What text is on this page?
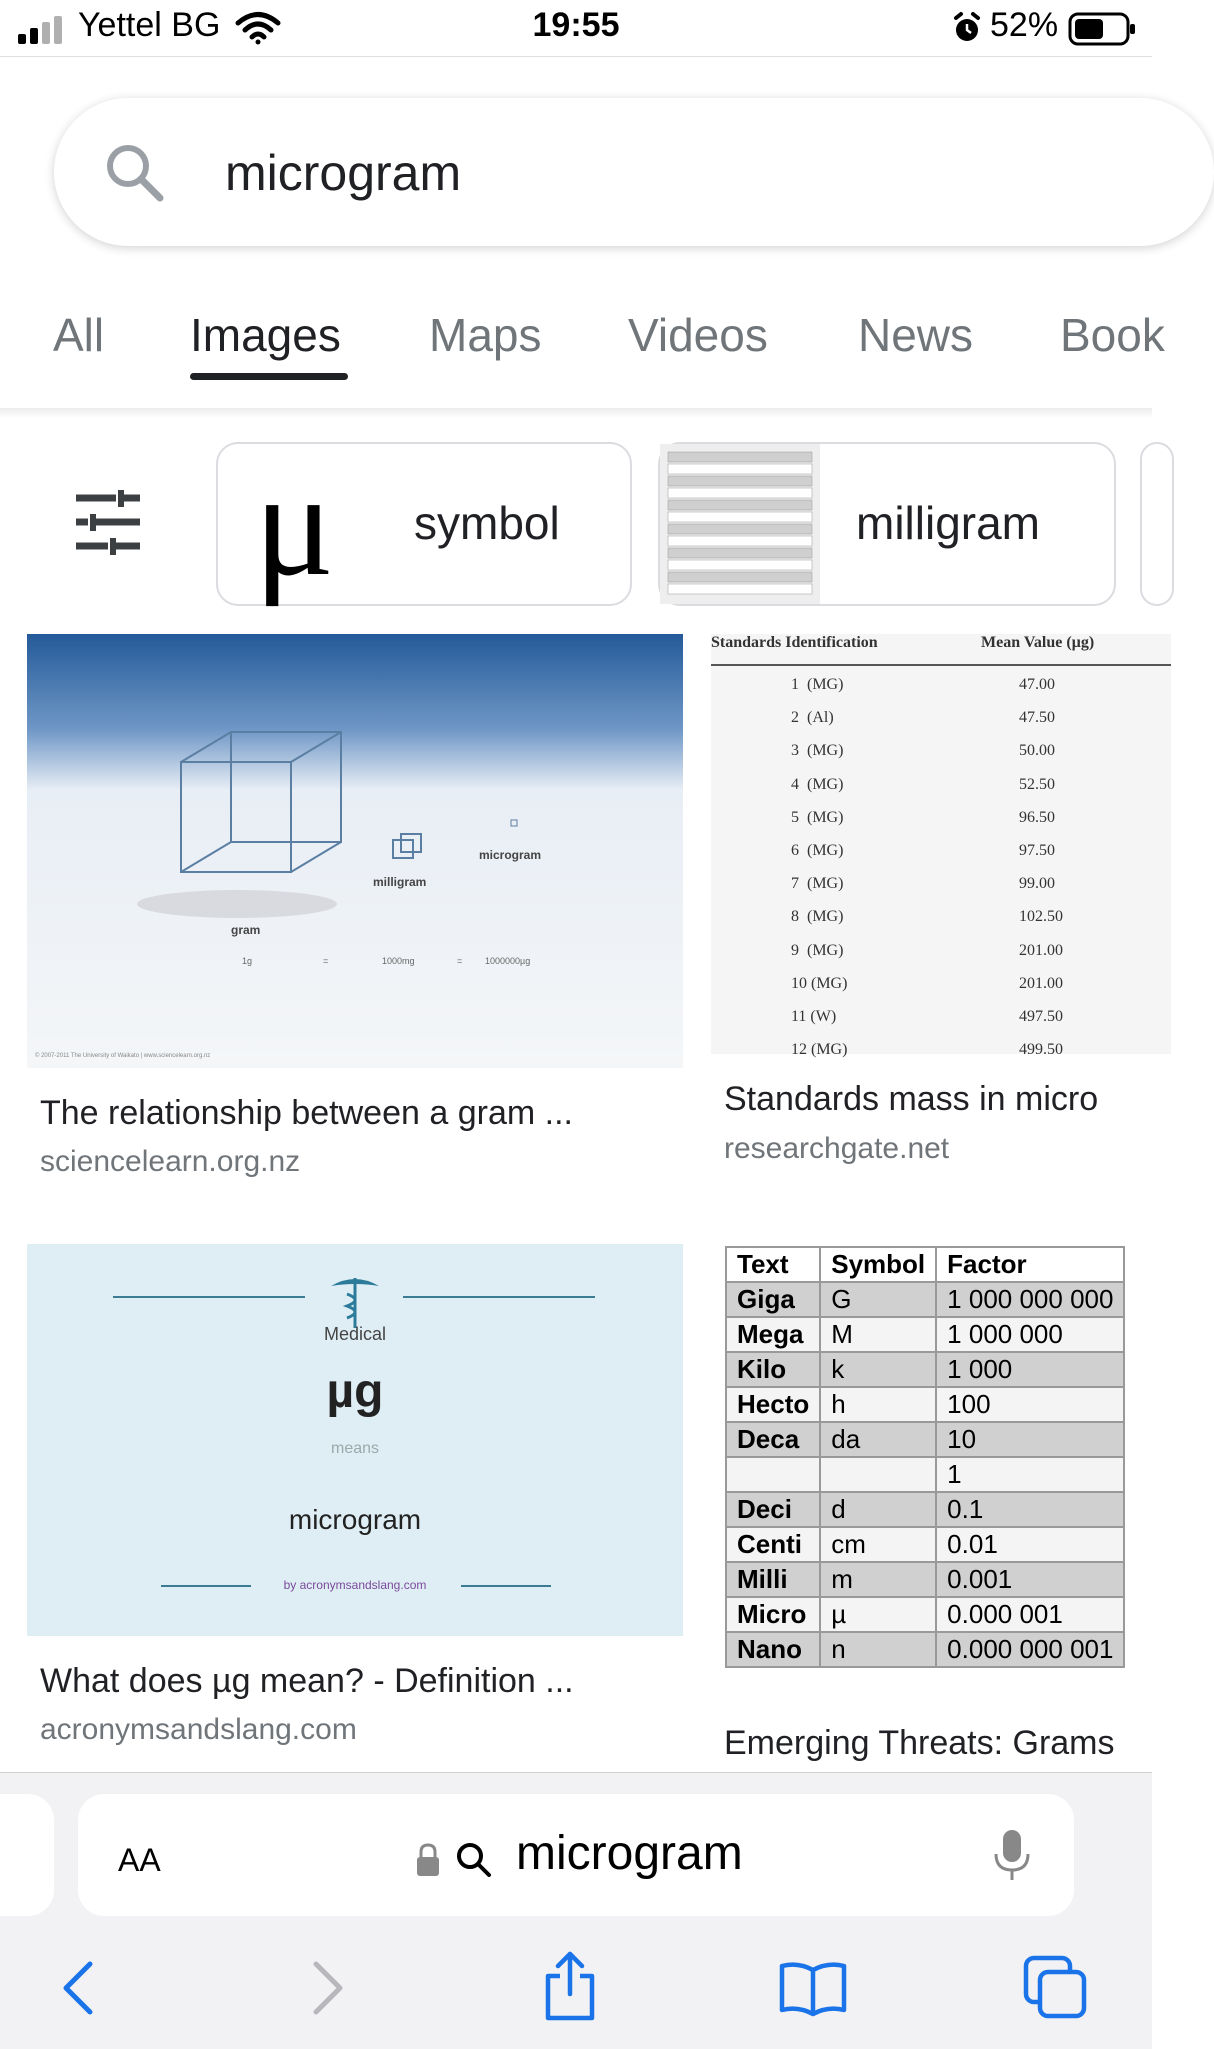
Yettel BG	19:55	52%
microgram
All Images Maps Videos News Book
μ symbol	milligram
gram
milligram
microgram
1g	=	1000mg	=	1000000µg
© 2007-2011 The University of Waikato | www.sciencelearn.org.nz
The relationship between a gram ...
sciencelearn.org.nz
Standards Identification	Mean Value (µg)
1  (MG)	47.00
2  (Al)	47.50
3  (MG)	50.00
4  (MG)	52.50
5  (MG)	96.50
6  (MG)	97.50
7  (MG)	99.00
8  (MG)	102.50
9  (MG)	201.00
10 (MG)	201.00
11 (W)	497.50
12 (MG)	499.50
Standards mass in micro
researchgate.net
Medical
µg
means
microgram
by acronymsandslang.com
What does µg mean? - Definition ...
acronymsandslang.com
Text	Symbol	Factor
Giga	G	1 000 000 000
Mega	M	1 000 000
Kilo	k	1 000
Hecto	h	100
Deca	da	10
		1
Deci	d	0.1
Centi	cm	0.01
Milli	m	0.001
Micro	µ	0.000 001
Nano	n	0.000 000 001
Emerging Threats: Grams
AA	microgram
